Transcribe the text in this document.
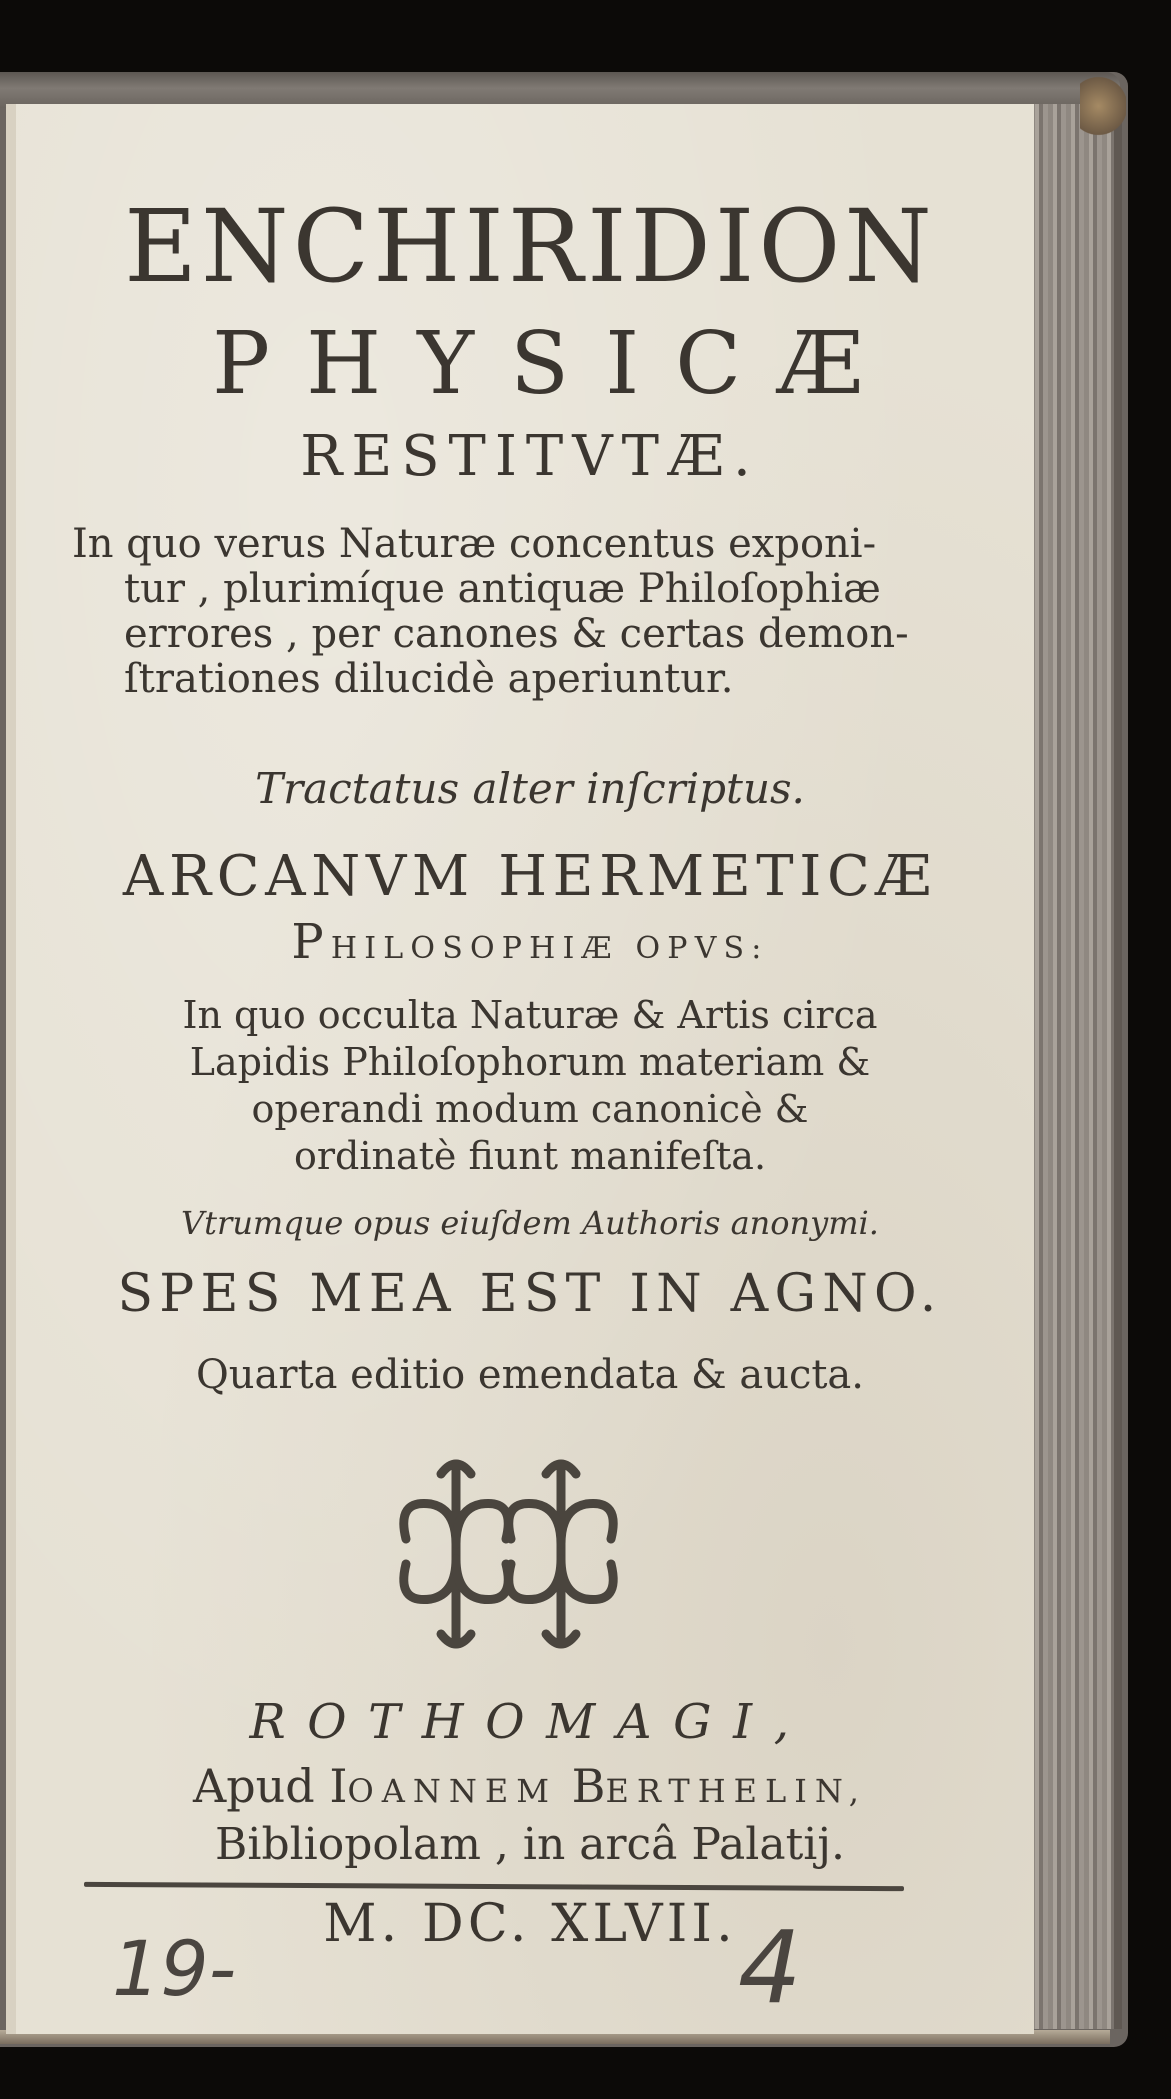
ENCHIRIDION
PHYSICÆ
RESTITVTÆ.
In quo verus Naturæ concentus exponi-
tur , plurimíque antiquæ Philoſophiæ
errores , per canones & certas demon-
ſtrationes dilucidè aperiuntur.
Tractatus alter inſcriptus.
ARCANVM HERMETICÆ
PHILOSOPHIÆ OPVS:
In quo occulta Naturæ & Artis circa
Lapidis Philoſophorum materiam &
operandi modum canonicè &
ordinatè fiunt manifeſta.
Vtrumque opus eiuſdem Authoris anonymi.
SPES MEA EST IN AGNO.
Quarta editio emendata & aucta.
ROTHOMAGI,
Apud IOANNEM BERTHELIN,
Bibliopolam , in arcâ Palatij.
M. DC. XLVII.
19-	4
